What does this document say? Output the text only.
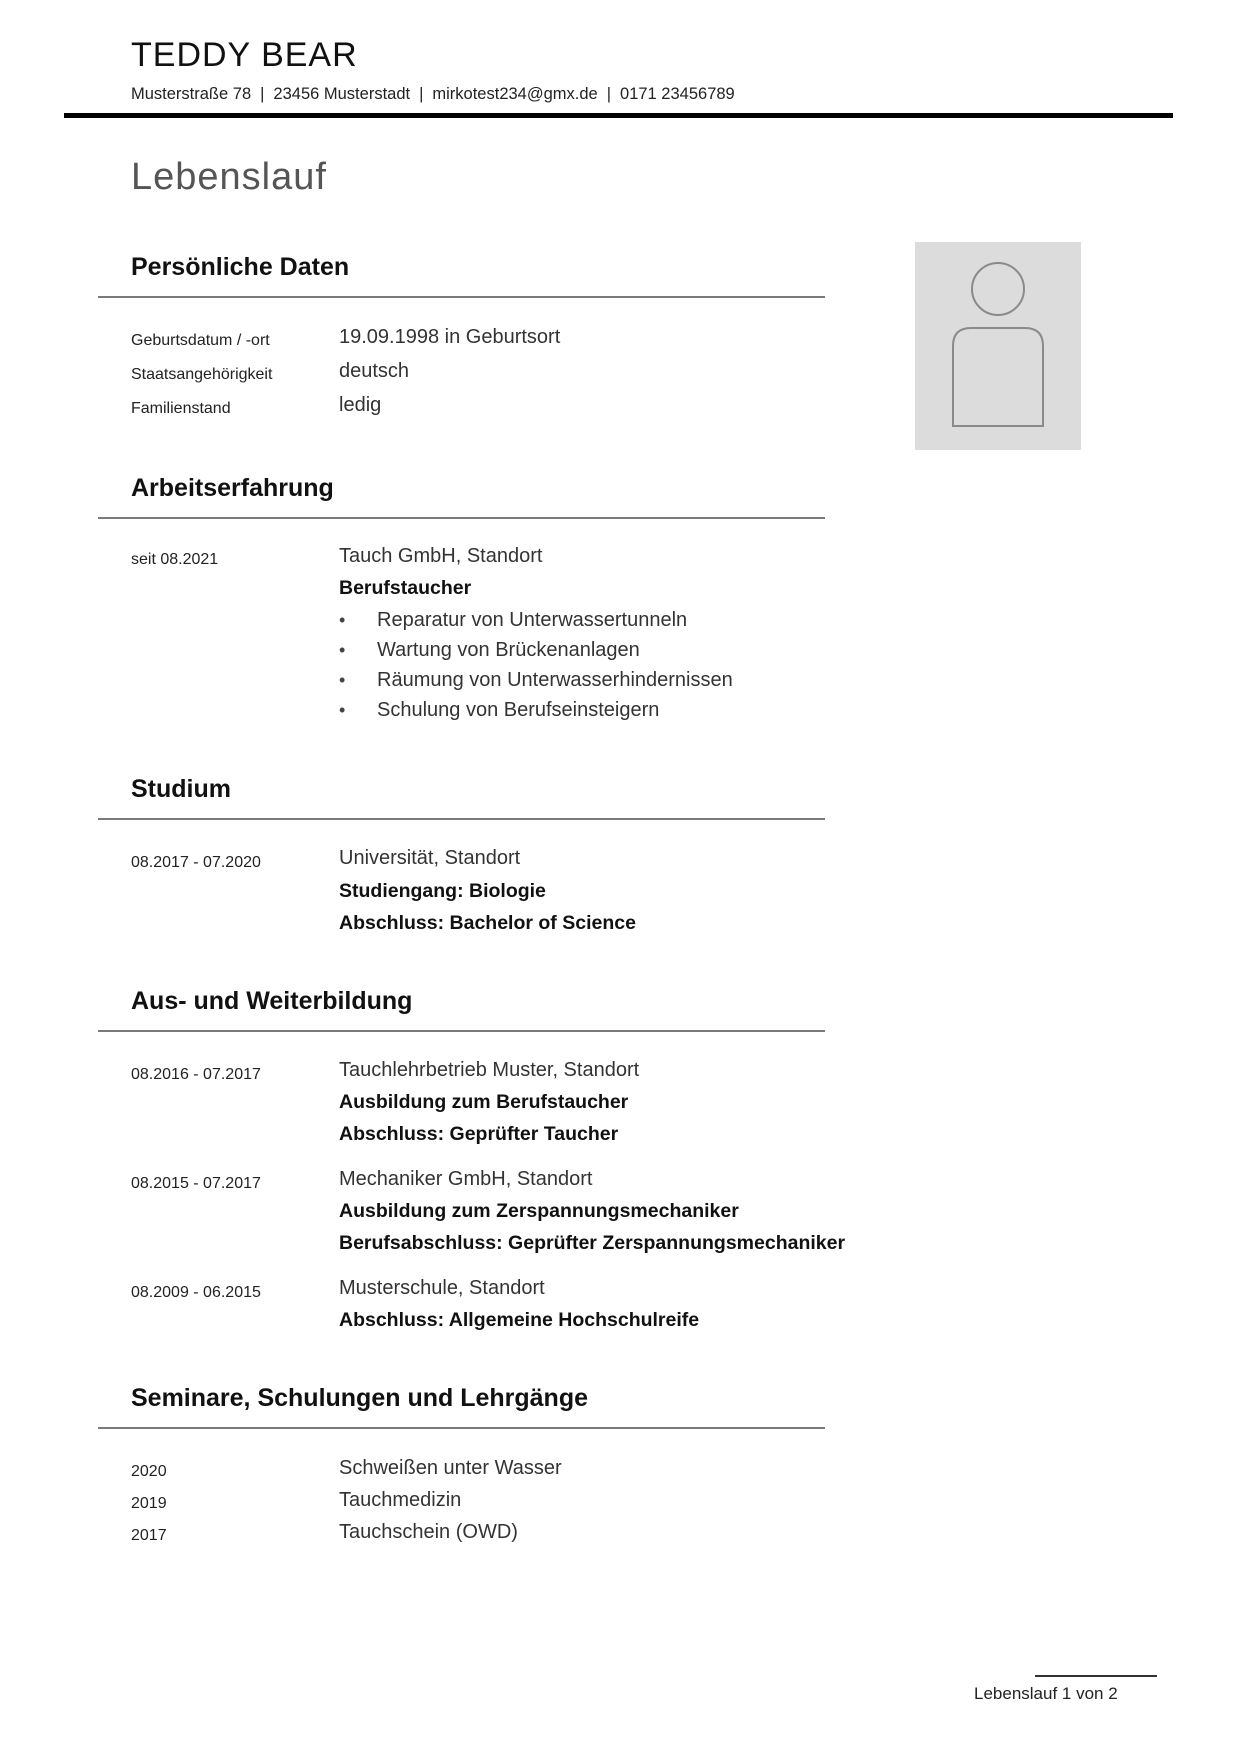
TEDDY BEAR
Musterstraße 78 | 23456 Musterstadt | mirkotest234@gmx.de | 0171 23456789
Lebenslauf
Persönliche Daten
Geburtsdatum / -ort	19.09.1998 in Geburtsort
Staatsangehörigkeit	deutsch
Familienstand	ledig
Arbeitserfahrung
seit 08.2021	Tauch GmbH, Standort
Berufstaucher
• Reparatur von Unterwassertunneln
• Wartung von Brückenanlagen
• Räumung von Unterwasserhindernissen
• Schulung von Berufseinsteigern
Studium
08.2017 - 07.2020	Universität, Standort
Studiengang: Biologie
Abschluss: Bachelor of Science
Aus- und Weiterbildung
08.2016 - 07.2017	Tauchlehrbetrieb Muster, Standort
Ausbildung zum Berufstaucher
Abschluss: Geprüfter Taucher
08.2015 - 07.2017	Mechaniker GmbH, Standort
Ausbildung zum Zerspannungsmechaniker
Berufsabschluss: Geprüfter Zerspannungsmechaniker
08.2009 - 06.2015	Musterschule, Standort
Abschluss: Allgemeine Hochschulreife
Seminare, Schulungen und Lehrgänge
2020	Schweißen unter Wasser
2019	Tauchmedizin
2017	Tauchschein (OWD)
Lebenslauf 1 von 2
